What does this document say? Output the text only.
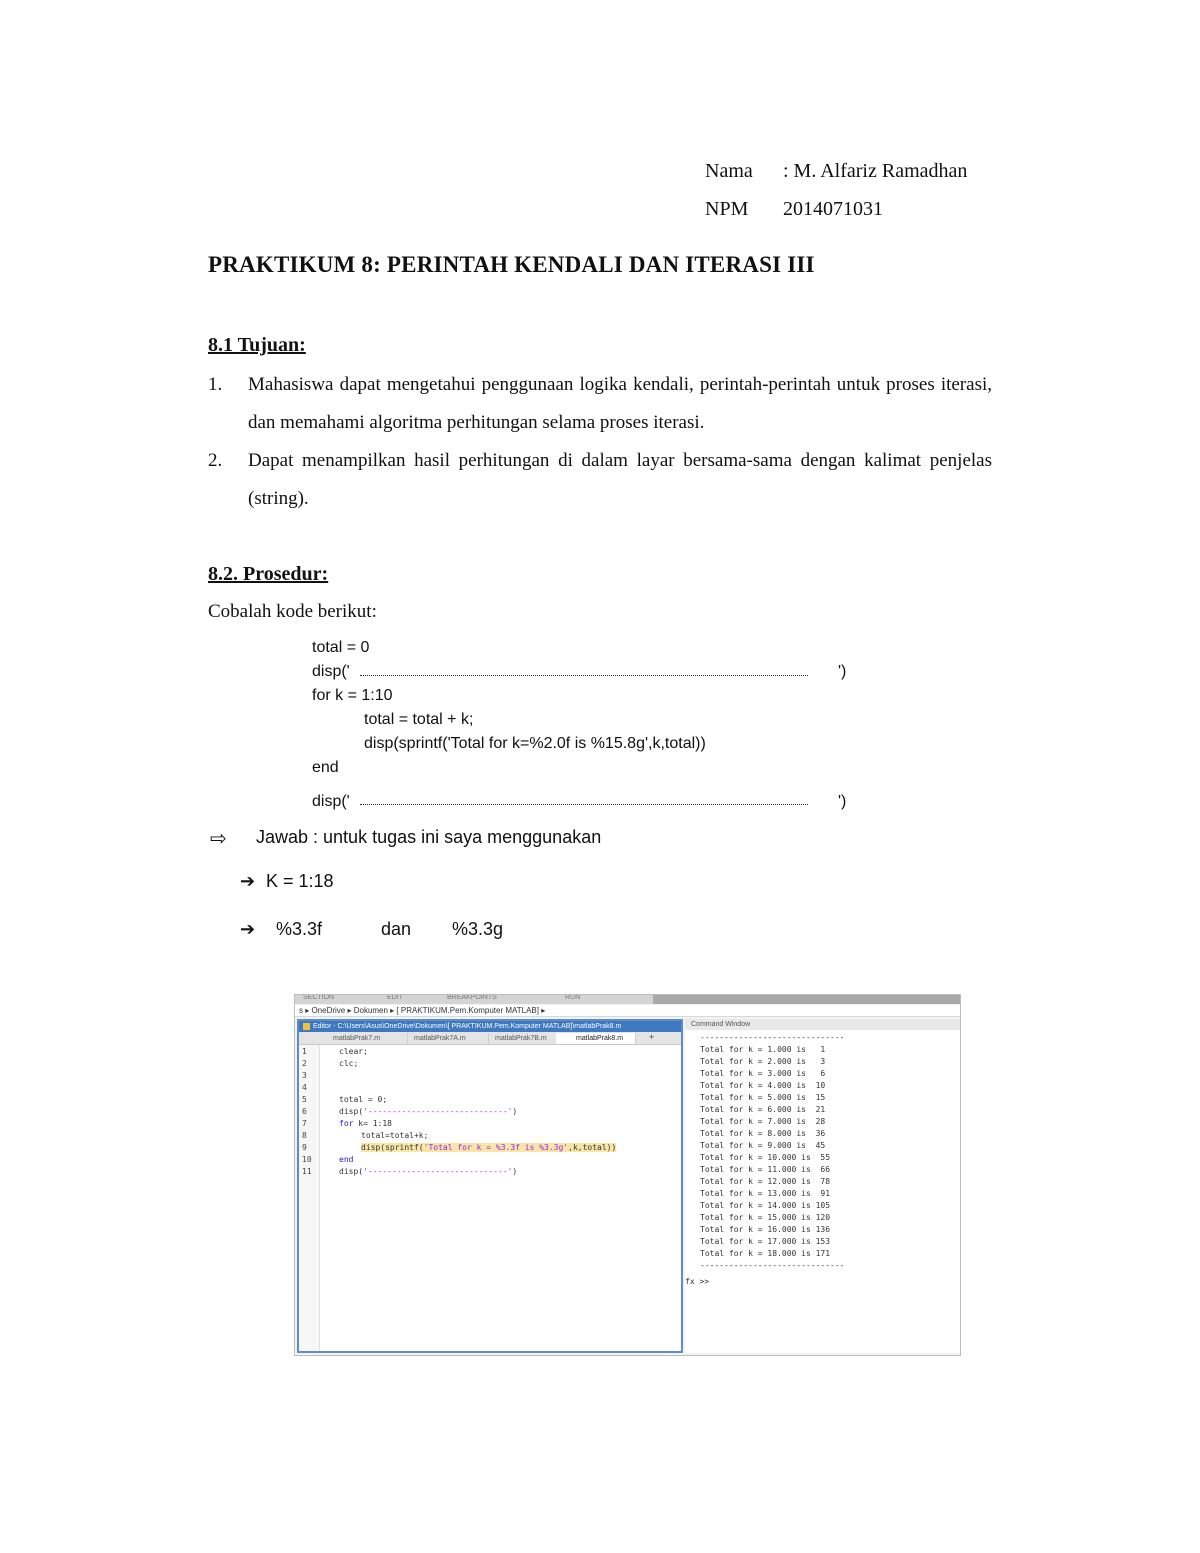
Nama : M. Alfariz Ramadhan
NPM 2014071031
PRAKTIKUM 8: PERINTAH KENDALI DAN ITERASI III
8.1 Tujuan:
1. Mahasiswa dapat mengetahui penggunaan logika kendali, perintah-perintah untuk proses iterasi, dan memahami algoritma perhitungan selama proses iterasi.
2. Dapat menampilkan hasil perhitungan di dalam layar bersama-sama dengan kalimat penjelas (string).
8.2. Prosedur:
Cobalah kode berikut:
total = 0
disp('	')
for k = 1:10
total = total + k;
disp(sprintf('Total for k=%2.0f is %15.8g',k,total))
end
disp('	')
⇨ Jawab : untuk tugas ini saya menggunakan
➔ K = 1:18
➔ %3.3f	dan %3.3g
SECTION	EDIT	BREAKPOINTS	RUN
s ▸ OneDrive ▸ Dokumen ▸ [ PRAKTIKUM.Pem.Komputer MATLAB] ▸
Editor - C:\Users\Asus\OneDrive\Dokumen\[ PRAKTIKUM.Pem.Komputer MATLAB]\matlabPrak8.m
matlabPrak7.m	matlabPrak7A.m	matlabPrak7B.m	matlabPrak8.m	+
1
2
3
4
5
6
7
8
9
10
11
clear;
clc;
total = 0;
disp('-----------------------------')
for k= 1:18
total=total+k;
disp(sprintf('Total for k = %3.3f is %3.3g',k,total))
end
disp('-----------------------------')
Command Window
------------------------------
Total for k = 1.000 is   1
Total for k = 2.000 is   3
Total for k = 3.000 is   6
Total for k = 4.000 is  10
Total for k = 5.000 is  15
Total for k = 6.000 is  21
Total for k = 7.000 is  28
Total for k = 8.000 is  36
Total for k = 9.000 is  45
Total for k = 10.000 is  55
Total for k = 11.000 is  66
Total for k = 12.000 is  78
Total for k = 13.000 is  91
Total for k = 14.000 is 105
Total for k = 15.000 is 120
Total for k = 16.000 is 136
Total for k = 17.000 is 153
Total for k = 18.000 is 171
------------------------------
fx >>
